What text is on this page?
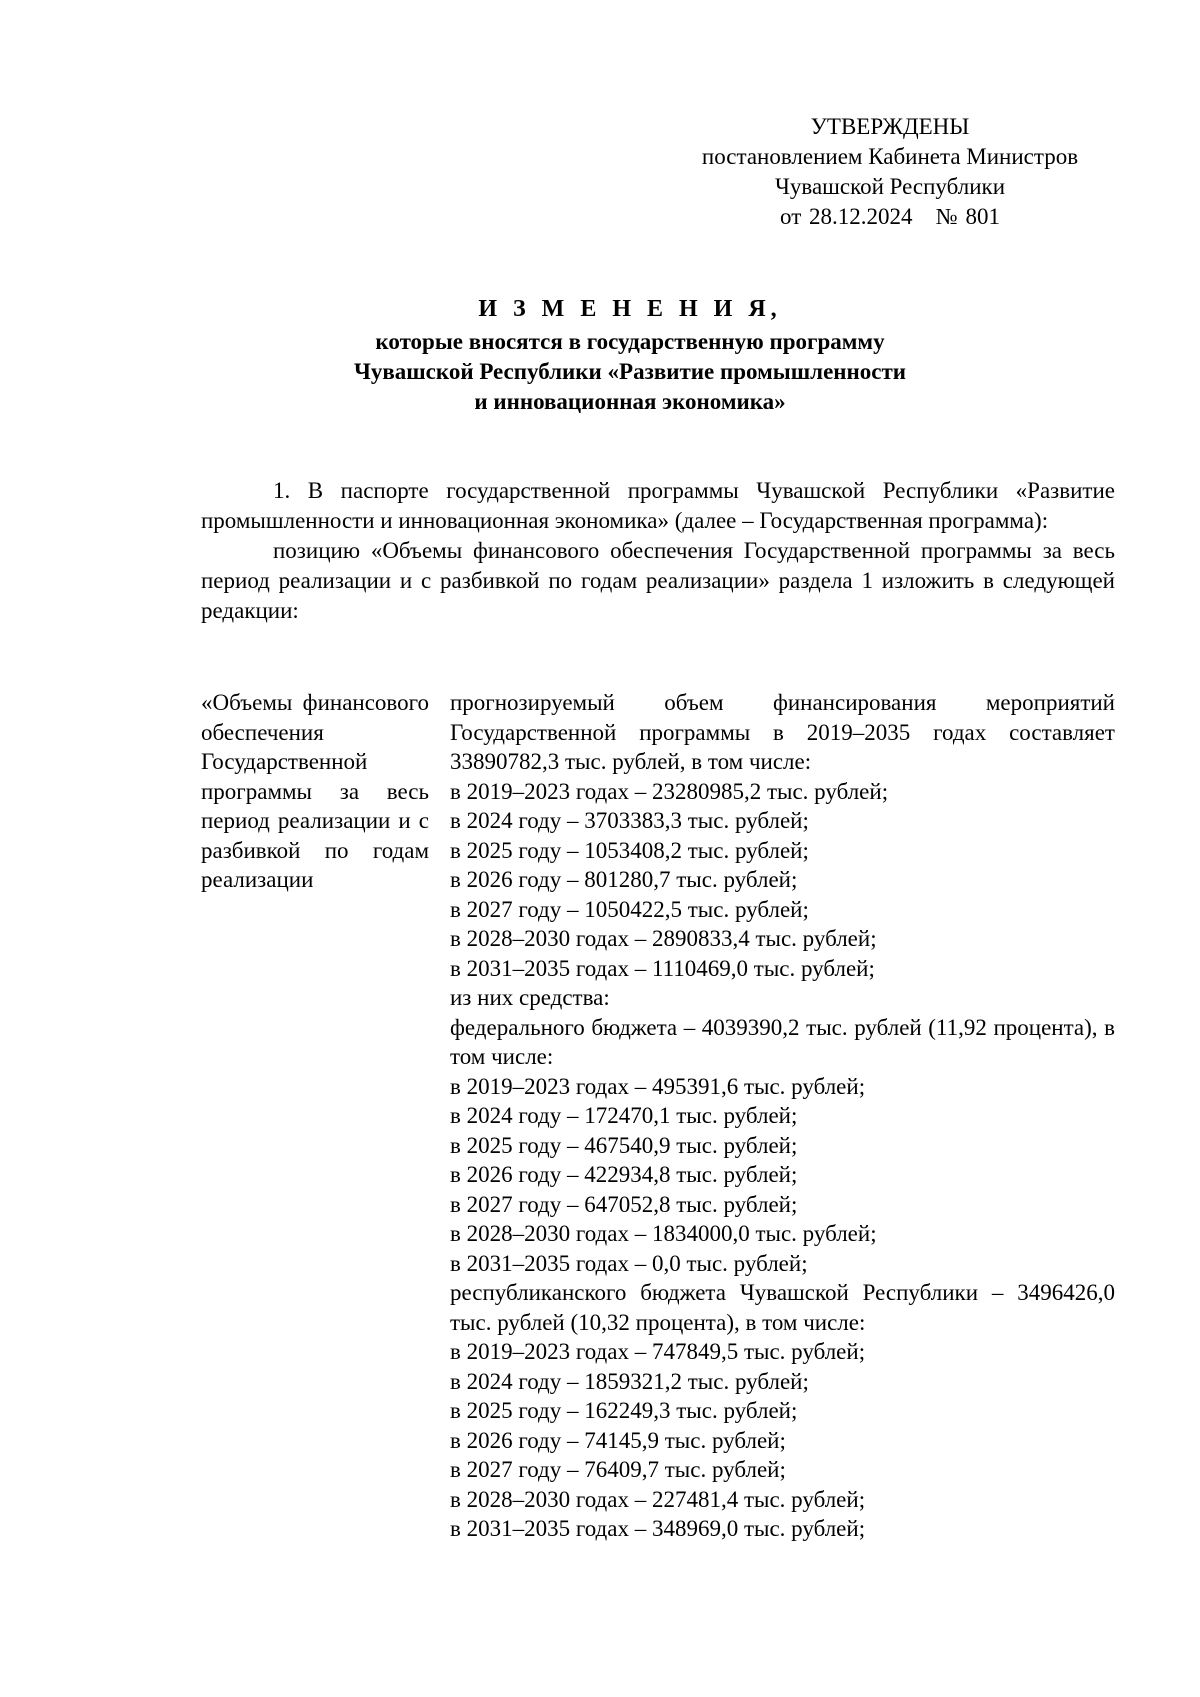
УТВЕРЖДЕНЫ
постановлением Кабинета Министров
Чувашской Республики
от 28.12.2024   № 801
И З М Е Н Е Н И Я,
которые вносятся в государственную программу
Чувашской Республики «Развитие промышленности
и инновационная экономика»

1. В паспорте государственной программы Чувашской Республики «Развитие промышленности и инновационная экономика» (далее – Государственная программа):

позицию «Объемы финансового обеспечения Государственной программы за весь период реализации и с разбивкой по годам реализации» раздела 1 изложить в следующей редакции:

«Объемы финансового обеспечения Государственной программы за весь период реализации и с разбивкой по годам реализации
прогнозируемый объем финансирования мероприятий Государственной программы в 2019–2035 годах составляет 33890782,3 тыс. рублей, в том числе:
в 2019–2023 годах – 23280985,2 тыс. рублей;
в 2024 году – 3703383,3 тыс. рублей;
в 2025 году – 1053408,2 тыс. рублей;
в 2026 году – 801280,7 тыс. рублей;
в 2027 году – 1050422,5 тыс. рублей;
в 2028–2030 годах – 2890833,4 тыс. рублей;
в 2031–2035 годах – 1110469,0 тыс. рублей;
из них средства:
федерального бюджета – 4039390,2 тыс. рублей (11,92 процента), в том числе:
в 2019–2023 годах – 495391,6 тыс. рублей;
в 2024 году – 172470,1 тыс. рублей;
в 2025 году – 467540,9 тыс. рублей;
в 2026 году – 422934,8 тыс. рублей;
в 2027 году – 647052,8 тыс. рублей;
в 2028–2030 годах – 1834000,0 тыс. рублей;
в 2031–2035 годах – 0,0 тыс. рублей;
республиканского бюджета Чувашской Республики – 3496426,0 тыс. рублей (10,32 процента), в том числе:
в 2019–2023 годах – 747849,5 тыс. рублей;
в 2024 году – 1859321,2 тыс. рублей;
в 2025 году – 162249,3 тыс. рублей;
в 2026 году – 74145,9 тыс. рублей;
в 2027 году – 76409,7 тыс. рублей;
в 2028–2030 годах – 227481,4 тыс. рублей;
в 2031–2035 годах – 348969,0 тыс. рублей;
